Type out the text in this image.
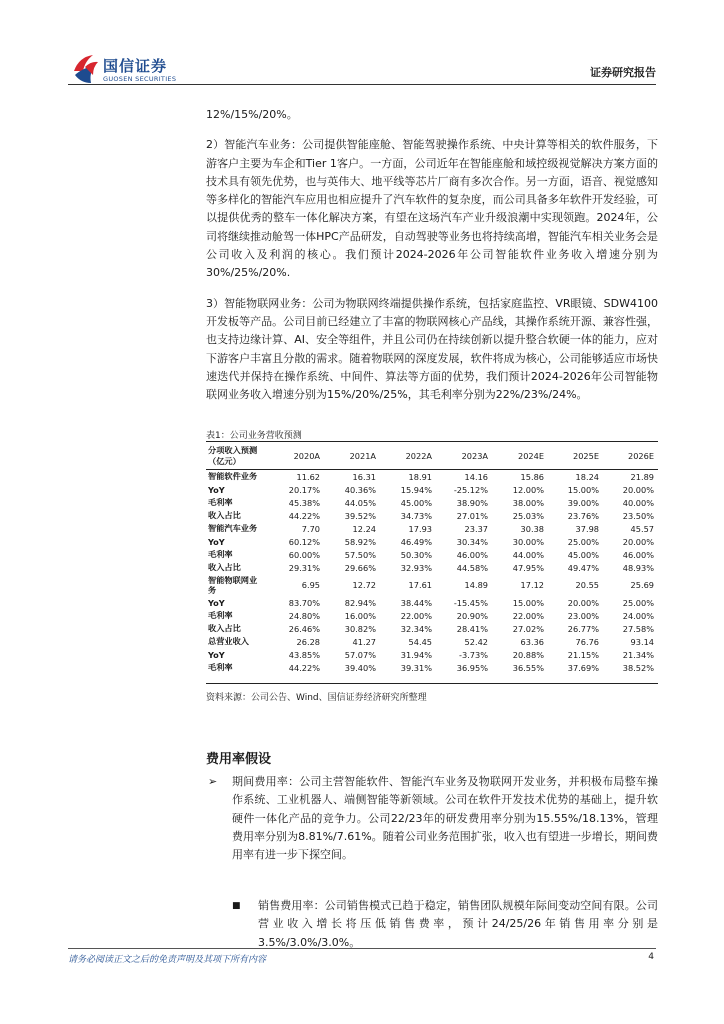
国信证券
GUOSEN SECURITIES	证券研究报告

12%/15%/20%。

2）智能汽车业务：公司提供智能座舱、智能驾驶操作系统、中央计算等相关的软件服务，下游客户主要为车企和Tier 1客户。一方面，公司近年在智能座舱和域控级视觉解决方案方面的技术具有领先优势，也与英伟大、地平线等芯片厂商有多次合作。另一方面，语音、视觉感知等多样化的智能汽车应用也相应提升了汽车软件的复杂度，而公司具备多年软件开发经验，可以提供优秀的整车一体化解决方案，有望在这场汽车产业升级浪潮中实现领跑。2024年，公司将继续推动舱驾一体HPC产品研发，自动驾驶等业务也将持续高增，智能汽车相关业务会是公司收入及利润的核心。我们预计2024-2026年公司智能软件业务收入增速分别为30%/25%/20%.

3）智能物联网业务：公司为物联网终端提供操作系统，包括家庭监控、VR眼镜、SDW4100开发板等产品。公司目前已经建立了丰富的物联网核心产品线，其操作系统开源、兼容性强，也支持边缘计算、AI、安全等组件，并且公司仍在持续创新以提升整合软硬一体的能力，应对下游客户丰富且分散的需求。随着物联网的深度发展，软件将成为核心，公司能够适应市场快速迭代并保持在操作系统、中间件、算法等方面的优势，我们预计2024-2026年公司智能物联网业务收入增速分别为15%/20%/25%，其毛利率分别为22%/23%/24%。

表1：公司业务营收预测
分项收入预测（亿元）	2020A	2021A	2022A	2023A	2024E	2025E	2026E
智能软件业务	11.62	16.31	18.91	14.16	15.86	18.24	21.89
YoY	20.17%	40.36%	15.94%	-25.12%	12.00%	15.00%	20.00%
毛利率	45.38%	44.05%	45.00%	38.90%	38.00%	39.00%	40.00%
收入占比	44.22%	39.52%	34.73%	27.01%	25.03%	23.76%	23.50%
智能汽车业务	7.70	12.24	17.93	23.37	30.38	37.98	45.57
YoY	60.12%	58.92%	46.49%	30.34%	30.00%	25.00%	20.00%
毛利率	60.00%	57.50%	50.30%	46.00%	44.00%	45.00%	46.00%
收入占比	29.31%	29.66%	32.93%	44.58%	47.95%	49.47%	48.93%
智能物联网业务	6.95	12.72	17.61	14.89	17.12	20.55	25.69
YoY	83.70%	82.94%	38.44%	-15.45%	15.00%	20.00%	25.00%
毛利率	24.80%	16.00%	22.00%	20.90%	22.00%	23.00%	24.00%
收入占比	26.46%	30.82%	32.34%	28.41%	27.02%	26.77%	27.58%
总营业收入	26.28	41.27	54.45	52.42	63.36	76.76	93.14
YoY	43.85%	57.07%	31.94%	-3.73%	20.88%	21.15%	21.34%
毛利率	44.22%	39.40%	39.31%	36.95%	36.55%	37.69%	38.52%
资料来源：公司公告、Wind、国信证券经济研究所整理
费用率假设
➢ 期间费用率：公司主营智能软件、智能汽车业务及物联网开发业务，并积极布局整车操作系统、工业机器人、端侧智能等新领域。公司在软件开发技术优势的基础上，提升软硬件一体化产品的竞争力。公司22/23年的研发费用率分别为15.55%/18.13%，管理费用率分别为8.81%/7.61%。随着公司业务范围扩张，收入也有望进一步增长，期间费用率有进一步下探空间。
■ 销售费用率：公司销售模式已趋于稳定，销售团队规模年际间变动空间有限。公司营业收入增长将压低销售费率，预计24/25/26年销售用率分别是3.5%/3.0%/3.0%。
请务必阅读正文之后的免责声明及其项下所有内容	4
